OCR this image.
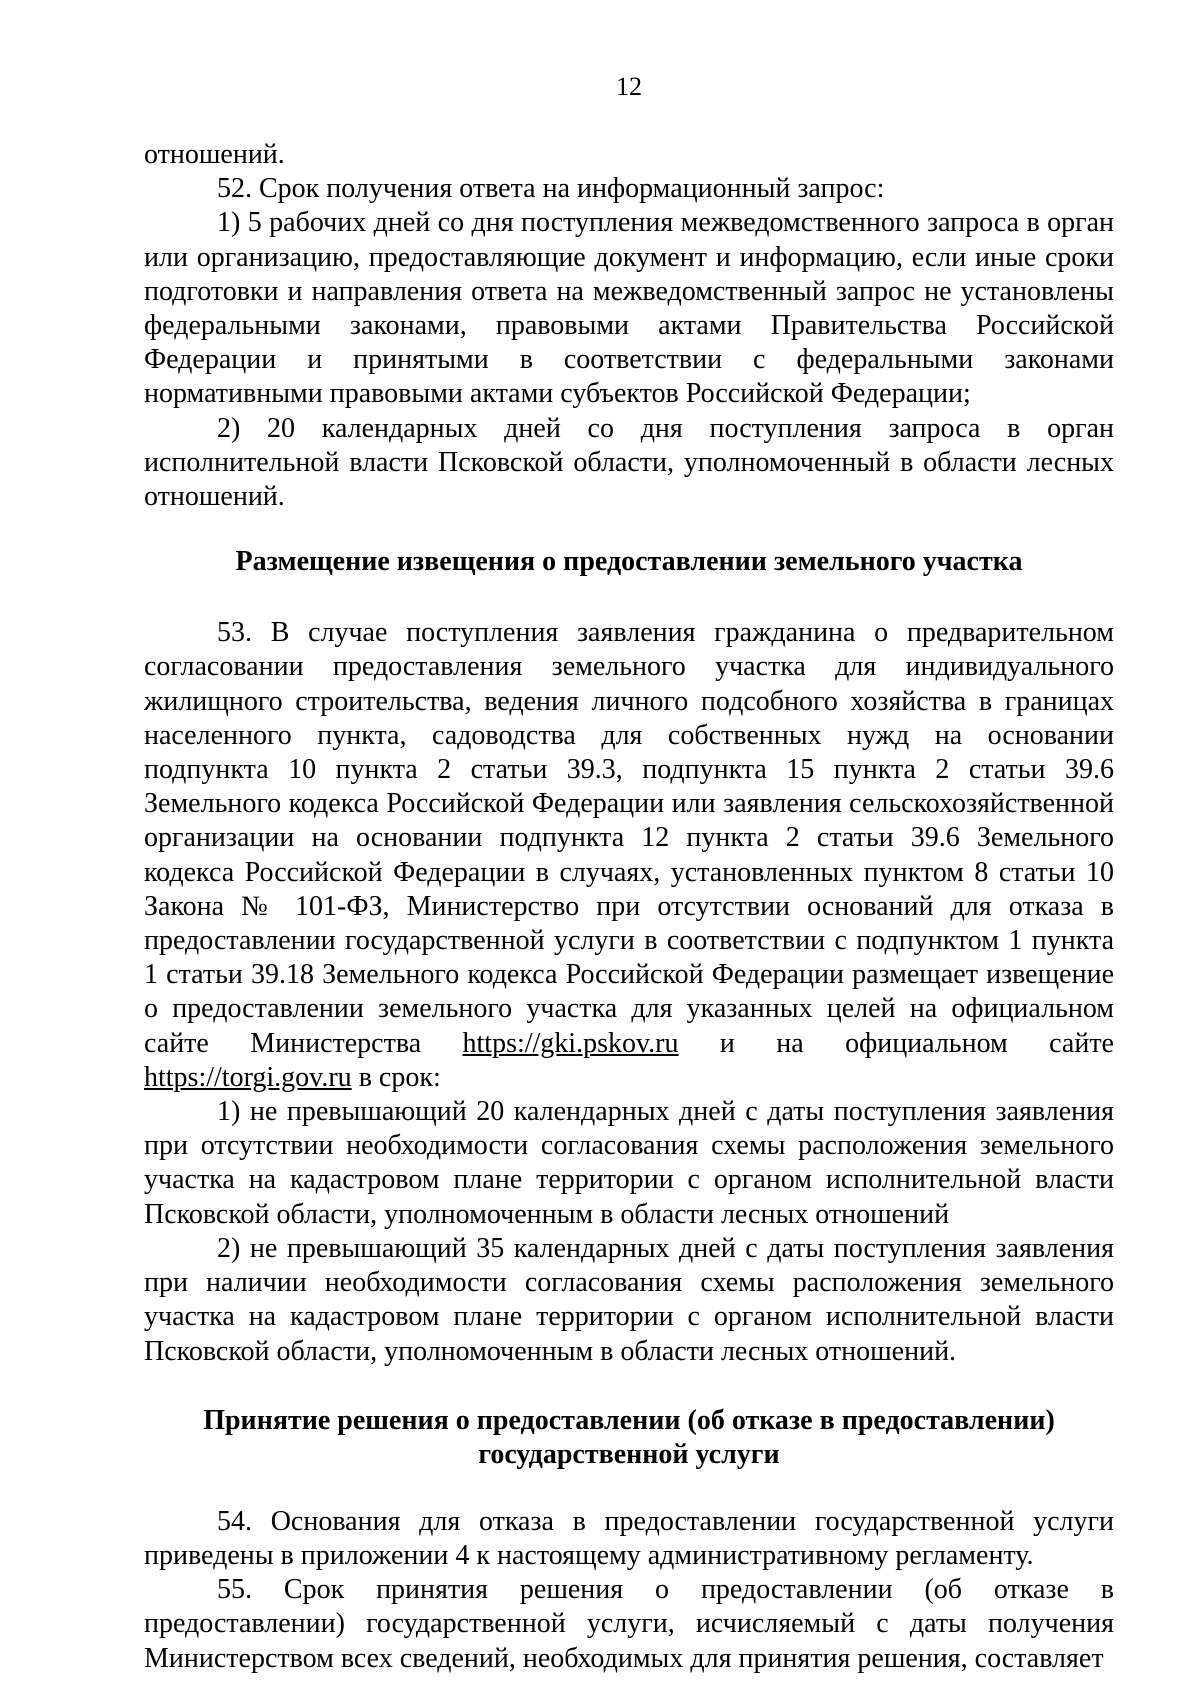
12

отношений.

52. Срок получения ответа на информационный запрос:

1) 5 рабочих дней со дня поступления межведомственного запроса в орган или организацию, предоставляющие документ и информацию, если иные сроки подготовки и направления ответа на межведомственный запрос не установлены федеральными законами, правовыми актами Правительства Российской Федерации и принятыми в соответствии с федеральными законами нормативными правовыми актами субъектов Российской Федерации;

2) 20 календарных дней со дня поступления запроса в орган исполнительной власти Псковской области, уполномоченный в области лесных отношений.

Размещение извещения о предоставлении земельного участка

53. В случае поступления заявления гражданина о предварительном согласовании предоставления земельного участка для индивидуального жилищного строительства, ведения личного подсобного хозяйства в границах населенного пункта, садоводства для собственных нужд на основании подпункта 10 пункта 2 статьи 39.3, подпункта 15 пункта 2 статьи 39.6 Земельного кодекса Российской Федерации или заявления сельскохозяйственной организации на основании подпункта 12 пункта 2 статьи 39.6 Земельного кодекса Российской Федерации в случаях, установленных пунктом 8 статьи 10 Закона № 101-ФЗ, Министерство при отсутствии оснований для отказа в предоставлении государственной услуги в соответствии с подпунктом 1 пункта 1 статьи 39.18 Земельного кодекса Российской Федерации размещает извещение о предоставлении земельного участка для указанных целей на официальном сайте Министерства https://gki.pskov.ru и на официальном сайте https://torgi.gov.ru в срок:

1) не превышающий 20 календарных дней с даты поступления заявления при отсутствии необходимости согласования схемы расположения земельного участка на кадастровом плане территории с органом исполнительной власти Псковской области, уполномоченным в области лесных отношений

2) не превышающий 35 календарных дней с даты поступления заявления при наличии необходимости согласования схемы расположения земельного участка на кадастровом плане территории с органом исполнительной власти Псковской области, уполномоченным в области лесных отношений.

Принятие решения о предоставлении (об отказе в предоставлении)
государственной услуги

54. Основания для отказа в предоставлении государственной услуги приведены в приложении 4 к настоящему административному регламенту.

55. Срок принятия решения о предоставлении (об отказе в предоставлении) государственной услуги, исчисляемый с даты получения Министерством всех сведений, необходимых для принятия решения, составляет
